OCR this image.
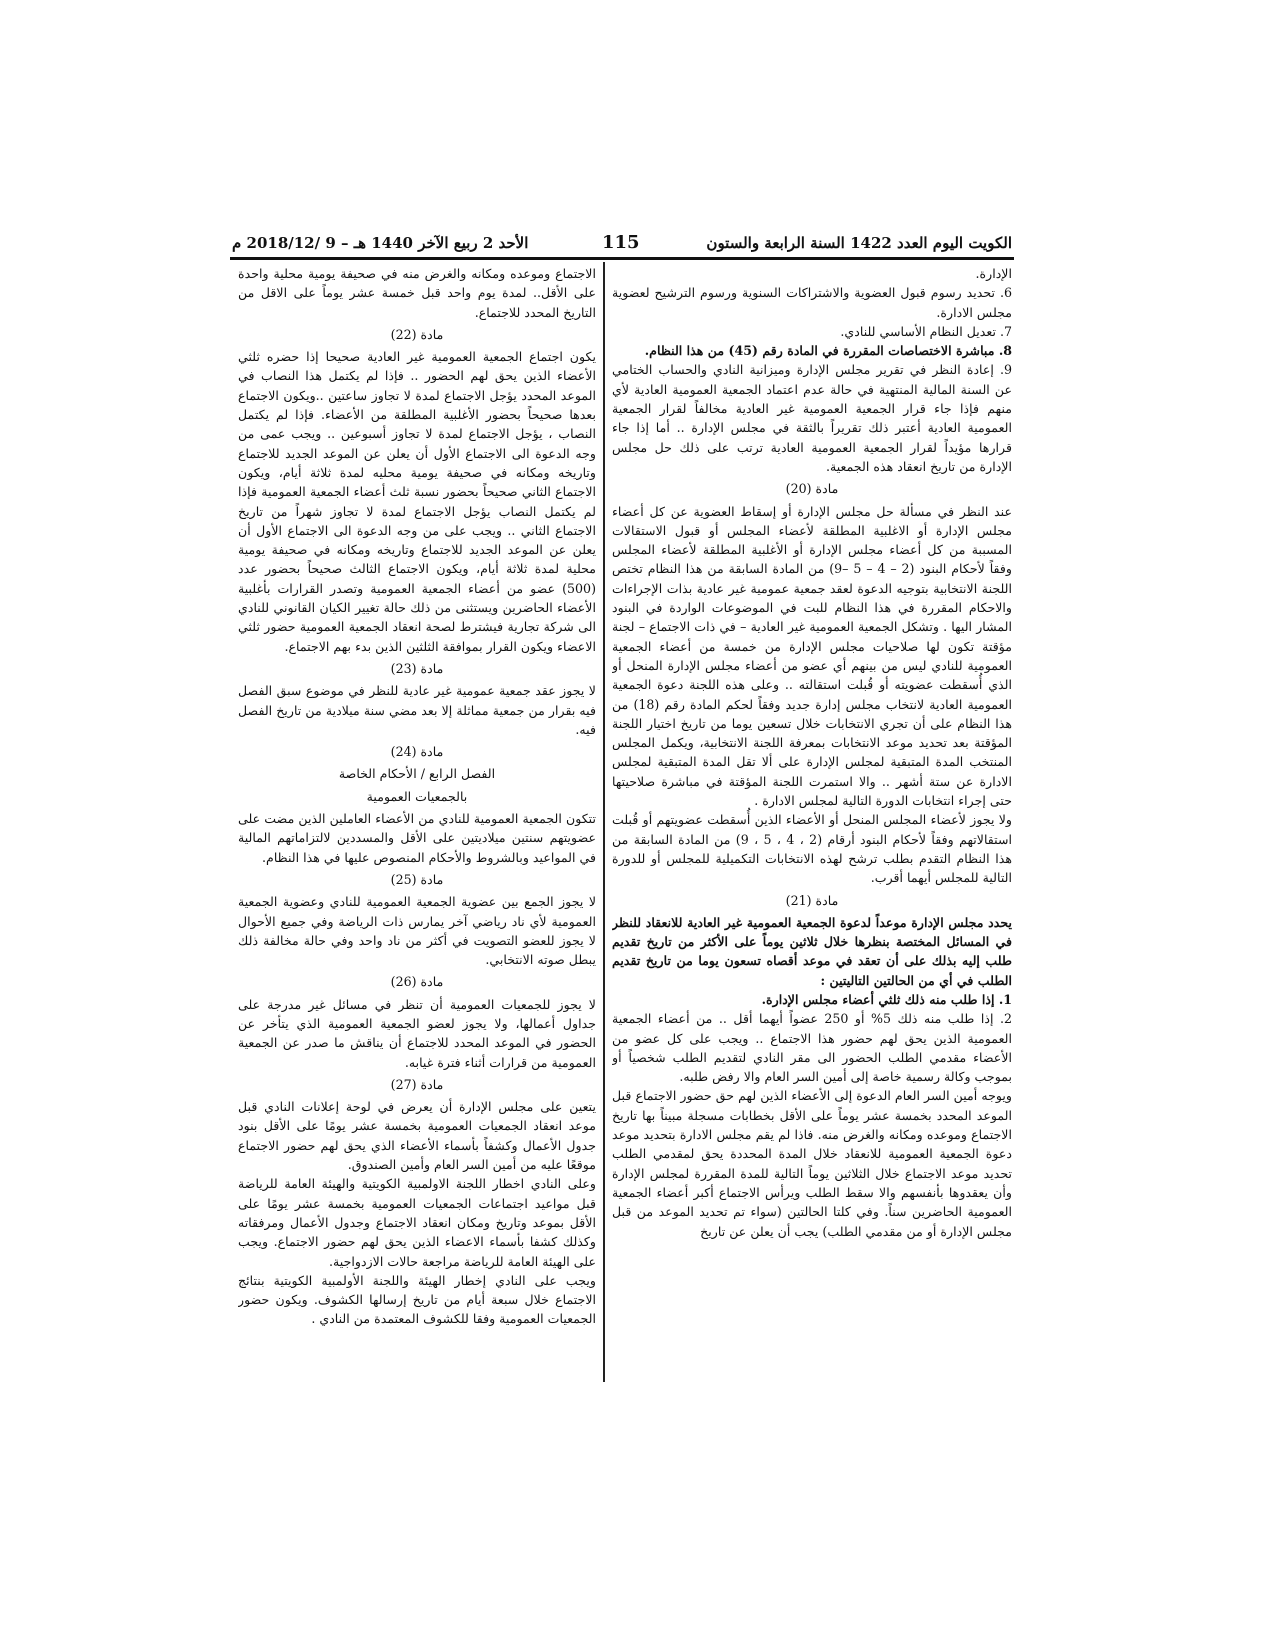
الكويت اليوم العدد 1422 السنة الرابعة والستون
115
الأحد 2 ربيع الآخر 1440 هـ – 9 /2018/12 م

الإدارة.

6. تحديد رسوم قبول العضوية والاشتراكات السنوية ورسوم الترشيح لعضوية مجلس الادارة.

7. تعديل النظام الأساسي للنادي.

8. مباشرة الاختصاصات المقررة في المادة رقم (45) من هذا النظام.

9. إعادة النظر في تقرير مجلس الإدارة وميزانية النادي والحساب الختامي عن السنة المالية المنتهية في حالة عدم اعتماد الجمعية العمومية العادية لأي منهم فإذا جاء قرار الجمعية العمومية غير العادية مخالفاً لقرار الجمعية العمومية العادية أعتبر ذلك تقريراً بالثقة في مجلس الإدارة .. أما إذا جاء قرارها مؤيداً لقرار الجمعية العمومية العادية ترتب على ذلك حل مجلس الإدارة من تاريخ انعقاد هذه الجمعية.

مادة (20)

عند النظر في مسألة حل مجلس الإدارة أو إسقاط العضوية عن كل أعضاء مجلس الإدارة أو الاغلبية المطلقة لأعضاء المجلس أو قبول الاستقالات المسببة من كل أعضاء مجلس الإدارة أو الأغلبية المطلقة لأعضاء المجلس وفقاً لأحكام البنود (2 – 4 – 5 –9) من المادة السابقة من هذا النظام تختص اللجنة الانتخابية بتوجيه الدعوة لعقد جمعية عمومية غير عادية بذات الإجراءات والاحكام المقررة في هذا النظام للبت في الموضوعات الواردة في البنود المشار اليها . وتشكل الجمعية العمومية غير العادية – في ذات الاجتماع – لجنة مؤقتة تكون لها صلاحيات مجلس الإدارة من خمسة من أعضاء الجمعية العمومية للنادي ليس من بينهم أي عضو من أعضاء مجلس الإدارة المنحل أو الذي أُسقطت عضويته أو قُبلت استقالته .. وعلى هذه اللجنة دعوة الجمعية العمومية العادية لانتخاب مجلس إدارة جديد وفقاً لحكم المادة رقم (18) من هذا النظام على أن تجري الانتخابات خلال تسعين يوما من تاريخ اختيار اللجنة المؤقتة بعد تحديد موعد الانتخابات بمعرفة اللجنة الانتخابية، ويكمل المجلس المنتخب المدة المتبقية لمجلس الإدارة على ألا تقل المدة المتبقية لمجلس الادارة عن ستة أشهر .. والا استمرت اللجنة المؤقتة في مباشرة صلاحيتها حتى إجراء انتخابات الدورة التالية لمجلس الادارة .

ولا يجوز لأعضاء المجلس المنحل أو الأعضاء الذين أُسقطت عضويتهم أو قُبلت استقالاتهم وفقاً لأحكام البنود أرقام (2 ، 4 ، 5 ، 9) من المادة السابقة من هذا النظام التقدم بطلب ترشح لهذه الانتخابات التكميلية للمجلس أو للدورة التالية للمجلس أيهما أقرب.

مادة (21)

يحدد مجلس الإدارة موعداً لدعوة الجمعية العمومية غير العادية للانعقاد للنظر في المسائل المختصة بنظرها خلال ثلاثين يوماً على الأكثر من تاريخ تقديم طلب إليه بذلك على أن تعقد في موعد أقصاه تسعون يوما من تاريخ تقديم الطلب في أي من الحالتين التاليتين :

1. إذا طلب منه ذلك ثلثي أعضاء مجلس الإدارة.

2. إذا طلب منه ذلك 5% أو 250 عضواً أيهما أقل .. من أعضاء الجمعية العمومية الذين يحق لهم حضور هذا الاجتماع .. ويجب على كل عضو من الأعضاء مقدمي الطلب الحضور الى مقر النادي لتقديم الطلب شخصياً أو بموجب وكالة رسمية خاصة إلى أمين السر العام والا رفض طلبه.

ويوجه أمين السر العام الدعوة إلى الأعضاء الذين لهم حق حضور الاجتماع قبل الموعد المحدد بخمسة عشر يوماً على الأقل بخطابات مسجلة مبيناً بها تاريخ الاجتماع وموعده ومكانه والغرض منه. فاذا لم يقم مجلس الادارة بتحديد موعد دعوة الجمعية العمومية للانعقاد خلال المدة المحددة يحق لمقدمي الطلب تحديد موعد الاجتماع خلال الثلاثين يوماً التالية للمدة المقررة لمجلس الإدارة وأن يعقدوها بأنفسهم والا سقط الطلب ويرأس الاجتماع أكبر أعضاء الجمعية العمومية الحاضرين سناً. وفي كلتا الحالتين (سواء تم تحديد الموعد من قبل مجلس الإدارة أو من مقدمي الطلب) يجب أن يعلن عن تاريخ

الاجتماع وموعده ومكانه والغرض منه في صحيفة يومية محلية واحدة على الأقل.. لمدة يوم واحد قبل خمسة عشر يوماً على الاقل من التاريخ المحدد للاجتماع.

مادة (22)

يكون اجتماع الجمعية العمومية غير العادية صحيحا إذا حضره ثلثي الأعضاء الذين يحق لهم الحضور .. فإذا لم يكتمل هذا النصاب في الموعد المحدد يؤجل الاجتماع لمدة لا تجاوز ساعتين ..ويكون الاجتماع بعدها صحيحاً بحضور الأغلبية المطلقة من الأعضاء. فإذا لم يكتمل النصاب ، يؤجل الاجتماع لمدة لا تجاوز أسبوعين .. ويجب عمى من وجه الدعوة الى الاجتماع الأول أن يعلن عن الموعد الجديد للاجتماع وتاريخه ومكانه في صحيفة يومية محليه لمدة ثلاثة أيام، ويكون الاجتماع الثاني صحيحاً بحضور نسبة ثلث أعضاء الجمعية العمومية فإذا لم يكتمل النصاب يؤجل الاجتماع لمدة لا تجاوز شهراً من تاريخ الاجتماع الثاني .. ويجب على من وجه الدعوة الى الاجتماع الأول أن يعلن عن الموعد الجديد للاجتماع وتاريخه ومكانه في صحيفة يومية محلية لمدة ثلاثة أيام، ويكون الاجتماع الثالث صحيحاً بحضور عدد (500) عضو من أعضاء الجمعية العمومية وتصدر القرارات بأغلبية الأعضاء الحاضرين ويستثنى من ذلك حالة تغيير الكيان القانوني للنادي الى شركة تجارية فيشترط لصحة انعقاد الجمعية العمومية حضور ثلثي الاعضاء ويكون القرار بموافقة الثلثين الذين بدء بهم الاجتماع.

مادة (23)

لا يجوز عقد جمعية عمومية غير عادية للنظر في موضوع سبق الفصل فيه بقرار من جمعية مماثلة إلا بعد مضي سنة ميلادية من تاريخ الفصل فيه.

مادة (24)

الفصل الرابع / الأحكام الخاصة

بالجمعيات العمومية

تتكون الجمعية العمومية للنادي من الأعضاء العاملين الذين مضت على عضويتهم سنتين ميلاديتين على الأقل والمسددين لالتزاماتهم المالية في المواعيد وبالشروط والأحكام المنصوص عليها في هذا النظام.

مادة (25)

لا يجوز الجمع بين عضوية الجمعية العمومية للنادي وعضوية الجمعية العمومية لأي ناد رياضي آخر يمارس ذات الرياضة وفي جميع الأحوال لا يجوز للعضو التصويت في أكثر من ناد واحد وفي حالة مخالفة ذلك يبطل صوته الانتخابي.

مادة (26)

لا يجوز للجمعيات العمومية أن تنظر في مسائل غير مدرجة على جداول أعمالها، ولا يجوز لعضو الجمعية العمومية الذي يتأخر عن الحضور في الموعد المحدد للاجتماع أن يناقش ما صدر عن الجمعية العمومية من قرارات أثناء فترة غيابه.

مادة (27)

يتعين على مجلس الإدارة أن يعرض في لوحة إعلانات النادي قبل موعد انعقاد الجمعيات العمومية بخمسة عشر يومًا على الأقل بنود جدول الأعمال وكشفاً بأسماء الأعضاء الذي يحق لهم حضور الاجتماع موقعًا عليه من أمين السر العام وأمين الصندوق.

وعلى النادي اخطار اللجنة الاولمبية الكويتية والهيئة العامة للرياضة قبل مواعيد اجتماعات الجمعيات العمومية بخمسة عشر يومًا على الأقل بموعد وتاريخ ومكان انعقاد الاجتماع وجدول الأعمال ومرفقاته وكذلك كشفا بأسماء الاعضاء الذين يحق لهم حضور الاجتماع. ويجب على الهيئة العامة للرياضة مراجعة حالات الازدواجية.

ويجب على النادي إخطار الهيئة واللجنة الأولمبية الكويتية بنتائج الاجتماع خلال سبعة أيام من تاريخ إرسالها الكشوف. ويكون حضور الجمعيات العمومية وفقا للكشوف المعتمدة من النادي .
